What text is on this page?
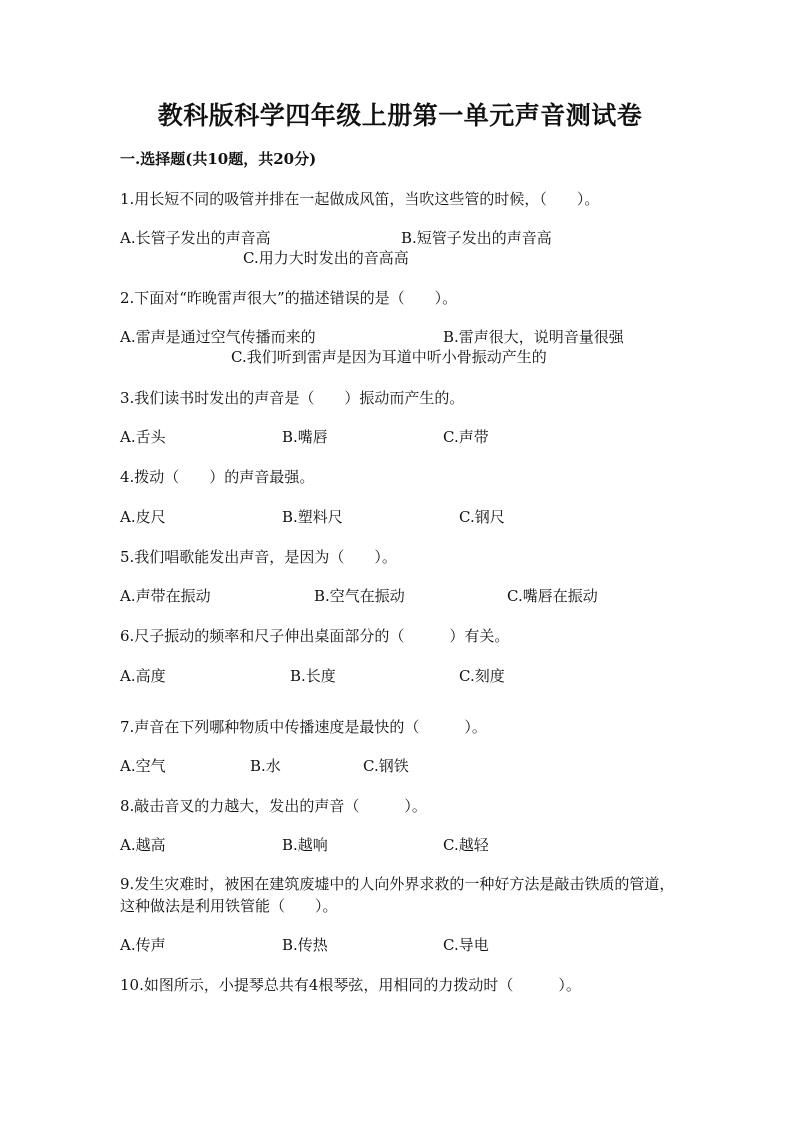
教科版科学四年级上册第一单元声音测试卷
一.选择题(共10题，共20分)
1.用长短不同的吸管并排在一起做成风笛，当吹这些管的时候，（　　）。
A.长管子发出的声音高	B.短管子发出的声音高
C.用力大时发出的音高高
2.下面对“昨晚雷声很大”的描述错误的是（　　）。
A.雷声是通过空气传播而来的	B.雷声很大，说明音量很强
C.我们听到雷声是因为耳道中听小骨振动产生的
3.我们读书时发出的声音是（　　）振动而产生的。
A.舌头	B.嘴唇	C.声带
4.拨动（　　）的声音最强。
A.皮尺	B.塑料尺	C.钢尺
5.我们唱歌能发出声音，是因为（　　）。
A.声带在振动	B.空气在振动	C.嘴唇在振动
6.尺子振动的频率和尺子伸出桌面部分的（　　　）有关。
A.高度	B.长度	C.刻度
7.声音在下列哪种物质中传播速度是最快的（　　　）。
A.空气	B.水	C.钢铁
8.敲击音叉的力越大，发出的声音（　　　）。
A.越高	B.越响	C.越轻
9.发生灾难时，被困在建筑废墟中的人向外界求救的一种好方法是敲击铁质的管道，这种做法是利用铁管能（　　）。
A.传声	B.传热	C.导电
10.如图所示，小提琴总共有4根琴弦，用相同的力拨动时（　　　）。
